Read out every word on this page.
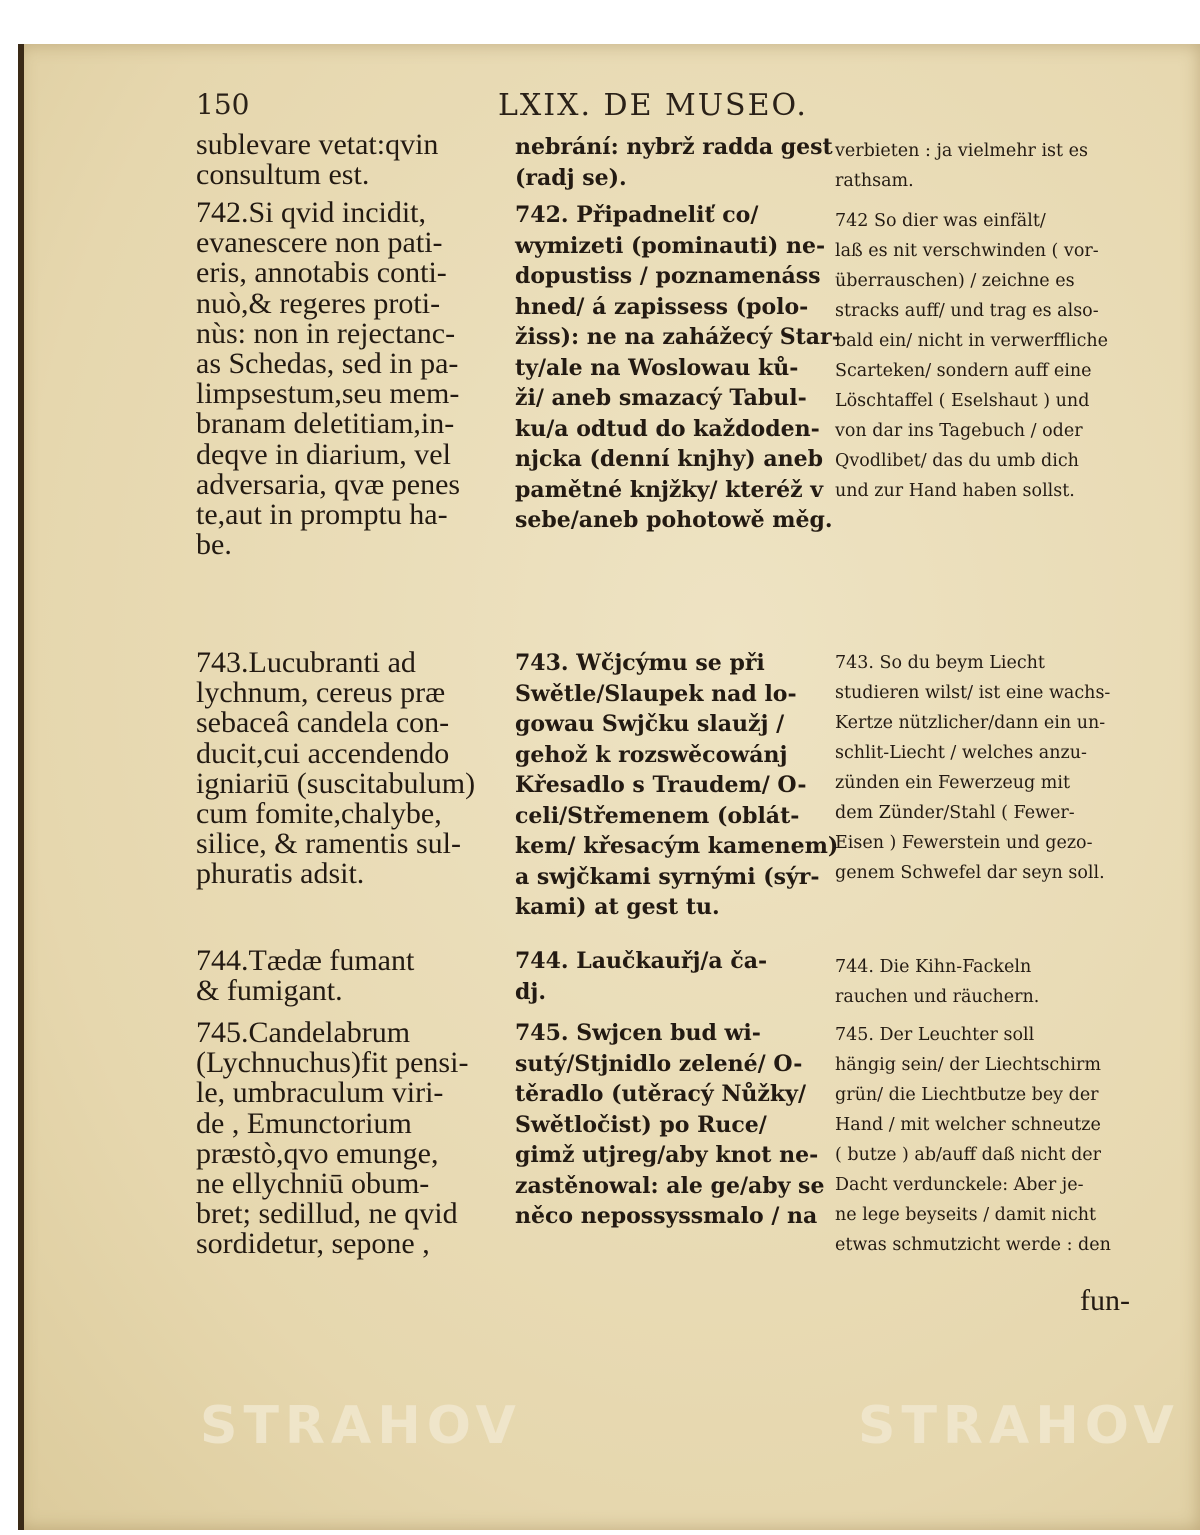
150	LXIX. DE MUSEO.

sublevare vetat:qvin
consultum est.

742.Si qvid incidit,
evanescere non pati-
eris, annotabis conti-
nuò,& regeres proti-
nùs: non in rejectanc-
as Schedas, sed in pa-
limpsestum,seu mem-
branam deletitiam,in-
deqve in diarium, vel
adversaria, qvæ penes
te,aut in promptu ha-
be.

743.Lucubranti ad
lychnum, cereus præ
sebaceâ candela con-
ducit,cui accendendo
igniariū (suscitabulum)
cum fomite,chalybe,
silice, & ramentis sul-
phuratis adsit.

744.Tædæ fumant
& fumigant.

745.Candelabrum
(Lychnuchus)fit pensi-
le, umbraculum viri-
de , Emunctorium
præstò,qvo emunge,
ne ellychniū obum-
bret; sedillud, ne qvid
sordidetur, sepone ,

nebrání: nybrž radda gest
(radj se).

742. Připadneliť co/
wymizeti (pominauti) ne-
dopustiss / poznamenáss
hned/ á zapissess (polo-
žiss): ne na zahážecý Star-
ty/ale na Woslowau ků-
ži/ aneb smazacý Tabul-
ku/a odtud do každoden-
njcka (denní knjhy) aneb
pamětné knjžky/ kteréž v
sebe/aneb pohotowě měg.

743. Wčjcýmu se při
Swětle/Slaupek nad lo-
gowau Swjčku slaužj /
gehož k rozswěcowánj
Křesadlo s Traudem/ O-
celi/Střemenem (oblát-
kem/ křesacým kamenem)
a swjčkami syrnými (sýr-
kami) at gest tu.

744. Laučkauřj/a ča-
dj.

745. Swjcen bud wi-
sutý/Stjnidlo zelené/ O-
těradlo (utěracý Nůžky/
Swětločist) po Ruce/
gimž utjreg/aby knot ne-
zastěnowal: ale ge/aby se
něco nepossyssmalo / na

verbieten : ja vielmehr ist es
rathsam.

742 So dier was einfält/
laß es nit verschwinden ( vor-
überrauschen) / zeichne es
stracks auff/ und trag es also-
bald ein/ nicht in verwerffliche
Scarteken/ sondern auff eine
Löschtaffel ( Eselshaut ) und
von dar ins Tagebuch / oder
Qvodlibet/ das du umb dich
und zur Hand haben sollst.

743. So du beym Liecht
studieren wilst/ ist eine wachs-
Kertze nützlicher/dann ein un-
schlit-Liecht / welches anzu-
zünden ein Fewerzeug mit
dem Zünder/Stahl ( Fewer-
Eisen ) Fewerstein und gezo-
genem Schwefel dar seyn soll.

744. Die Kihn-Fackeln
rauchen und räuchern.

745. Der Leuchter soll
hängig sein/ der Liechtschirm
grün/ die Liechtbutze bey der
Hand / mit welcher schneutze
( butze ) ab/auff daß nicht der
Dacht verdunckele: Aber je-
ne lege beyseits / damit nicht
etwas schmutzicht werde : den

fun-
STRAHOV	STRAHOV
